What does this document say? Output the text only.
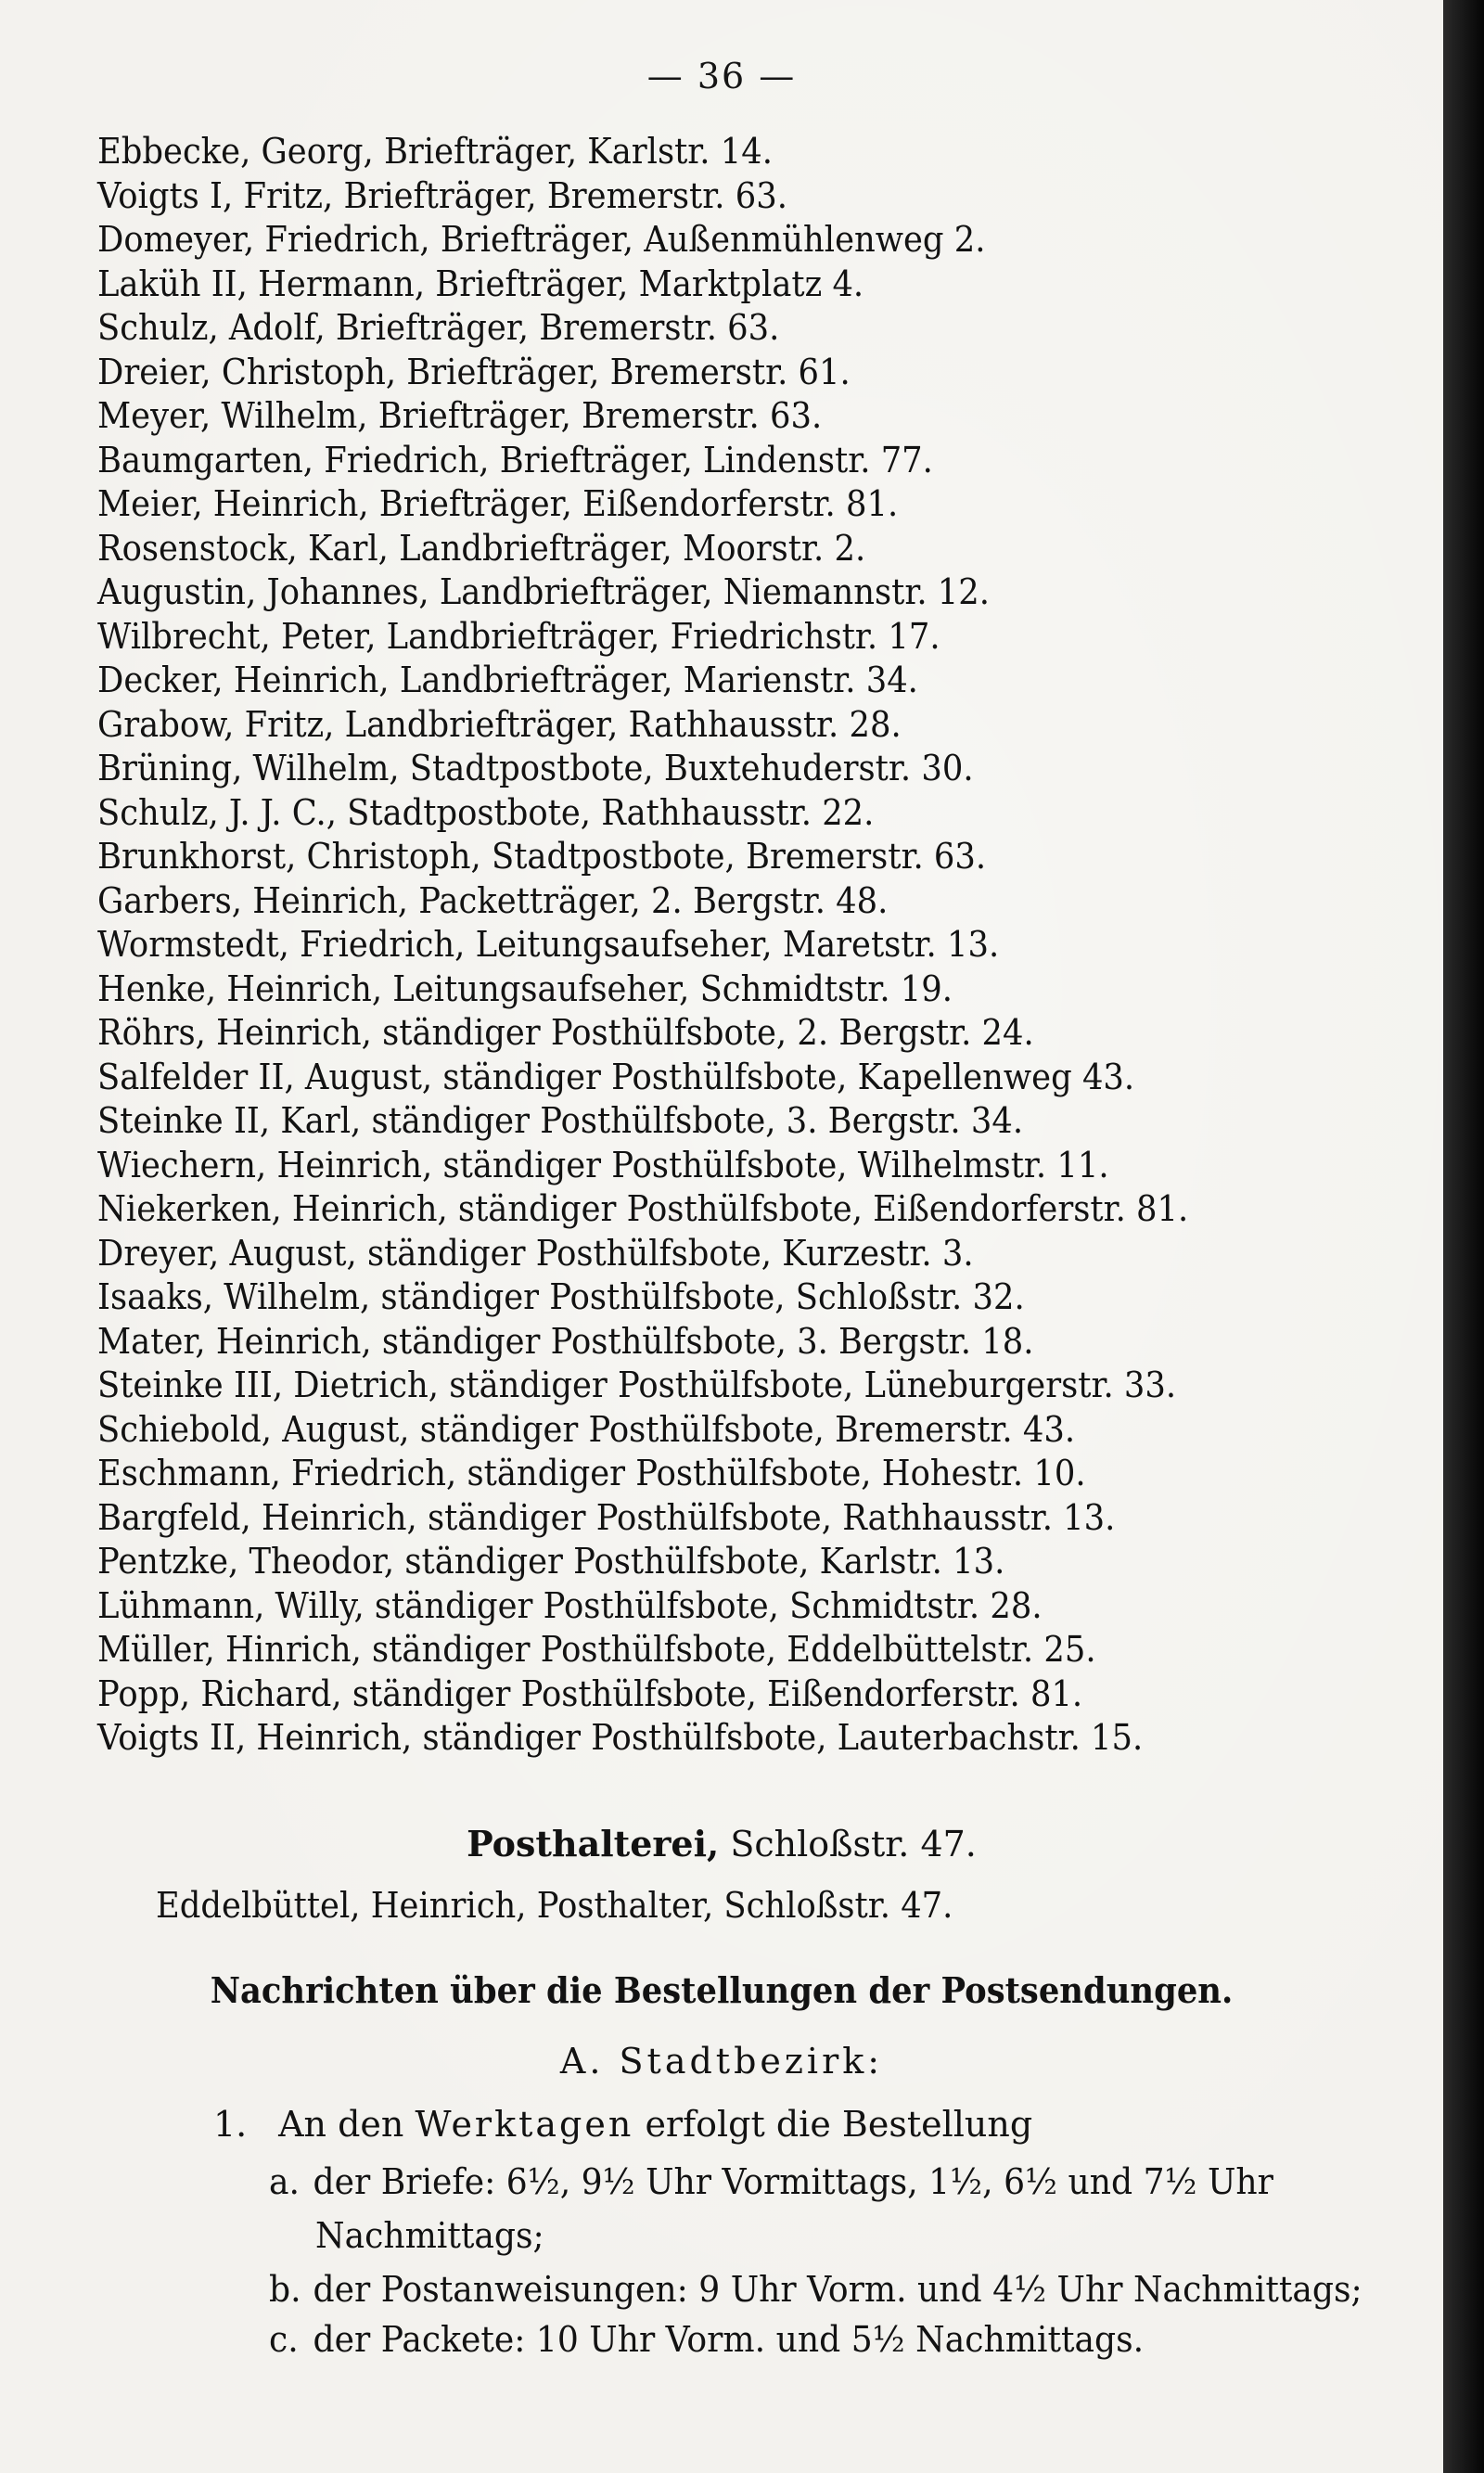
— 36 —
Ebbecke, Georg, Briefträger, Karlstr. 14.
Voigts I, Fritz, Briefträger, Bremerstr. 63.
Domeyer, Friedrich, Briefträger, Außenmühlenweg 2.
Laküh II, Hermann, Briefträger, Marktplatz 4.
Schulz, Adolf, Briefträger, Bremerstr. 63.
Dreier, Christoph, Briefträger, Bremerstr. 61.
Meyer, Wilhelm, Briefträger, Bremerstr. 63.
Baumgarten, Friedrich, Briefträger, Lindenstr. 77.
Meier, Heinrich, Briefträger, Eißendorferstr. 81.
Rosenstock, Karl, Landbriefträger, Moorstr. 2.
Augustin, Johannes, Landbriefträger, Niemannstr. 12.
Wilbrecht, Peter, Landbriefträger, Friedrichstr. 17.
Decker, Heinrich, Landbriefträger, Marienstr. 34.
Grabow, Fritz, Landbriefträger, Rathhausstr. 28.
Brüning, Wilhelm, Stadtpostbote, Buxtehuderstr. 30.
Schulz, J. J. C., Stadtpostbote, Rathhausstr. 22.
Brunkhorst, Christoph, Stadtpostbote, Bremerstr. 63.
Garbers, Heinrich, Packetträger, 2. Bergstr. 48.
Wormstedt, Friedrich, Leitungsaufseher, Maretstr. 13.
Henke, Heinrich, Leitungsaufseher, Schmidtstr. 19.
Röhrs, Heinrich, ständiger Posthülfsbote, 2. Bergstr. 24.
Salfelder II, August, ständiger Posthülfsbote, Kapellenweg 43.
Steinke II, Karl, ständiger Posthülfsbote, 3. Bergstr. 34.
Wiechern, Heinrich, ständiger Posthülfsbote, Wilhelmstr. 11.
Niekerken, Heinrich, ständiger Posthülfsbote, Eißendorferstr. 81.
Dreyer, August, ständiger Posthülfsbote, Kurzestr. 3.
Isaaks, Wilhelm, ständiger Posthülfsbote, Schloßstr. 32.
Mater, Heinrich, ständiger Posthülfsbote, 3. Bergstr. 18.
Steinke III, Dietrich, ständiger Posthülfsbote, Lüneburgerstr. 33.
Schiebold, August, ständiger Posthülfsbote, Bremerstr. 43.
Eschmann, Friedrich, ständiger Posthülfsbote, Hohestr. 10.
Bargfeld, Heinrich, ständiger Posthülfsbote, Rathhausstr. 13.
Pentzke, Theodor, ständiger Posthülfsbote, Karlstr. 13.
Lühmann, Willy, ständiger Posthülfsbote, Schmidtstr. 28.
Müller, Hinrich, ständiger Posthülfsbote, Eddelbüttelstr. 25.
Popp, Richard, ständiger Posthülfsbote, Eißendorferstr. 81.
Voigts II, Heinrich, ständiger Posthülfsbote, Lauterbachstr. 15.
Posthalterei, Schloßstr. 47.
Eddelbüttel, Heinrich, Posthalter, Schloßstr. 47.
Nachrichten über die Bestellungen der Postsendungen.
A. Stadtbezirk:
1. An den Werktagen erfolgt die Bestellung
a. der Briefe: 6½, 9½ Uhr Vormittags, 1½, 6½ und 7½ Uhr
Nachmittags;
b. der Postanweisungen: 9 Uhr Vorm. und 4½ Uhr Nachmittags;
c. der Packete: 10 Uhr Vorm. und 5½ Nachmittags.
